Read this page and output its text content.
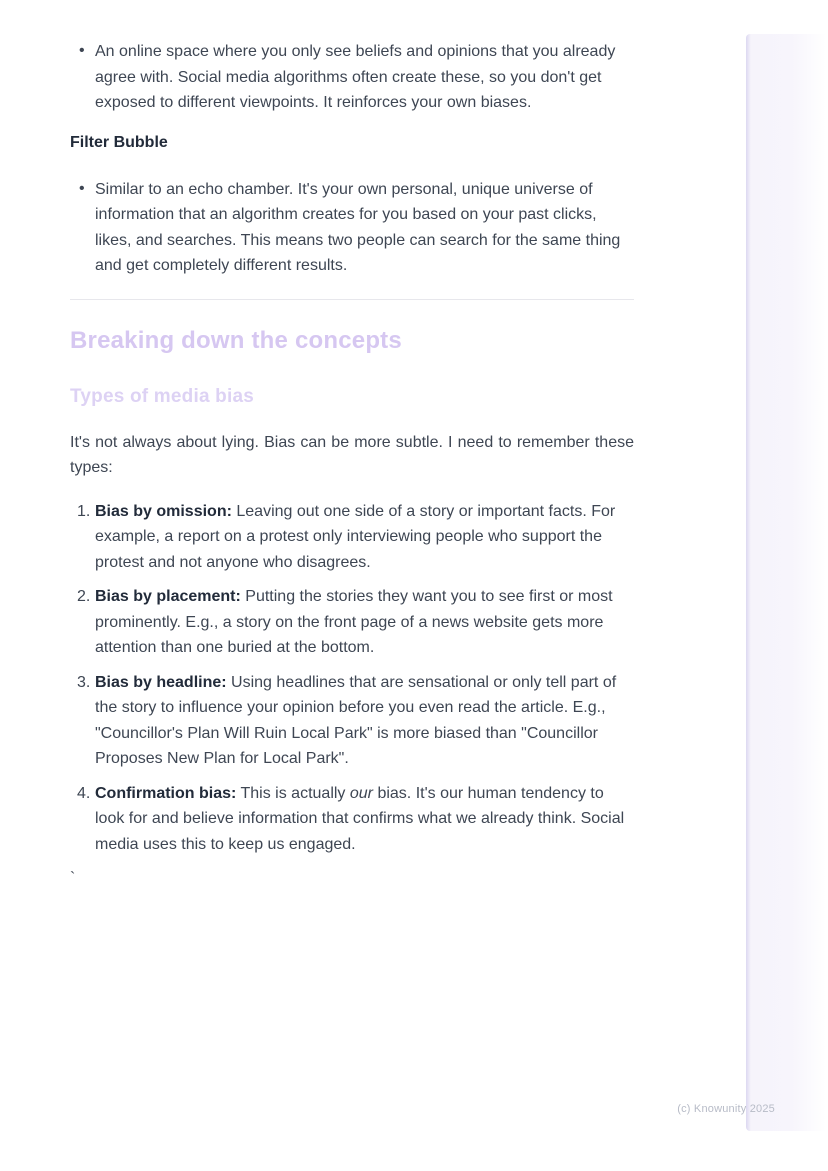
• An online space where you only see beliefs and opinions that you already agree with. Social media algorithms often create these, so you don't get exposed to different viewpoints. It reinforces your own biases.
Filter Bubble
• Similar to an echo chamber. It's your own personal, unique universe of information that an algorithm creates for you based on your past clicks, likes, and searches. This means two people can search for the same thing and get completely different results.
Breaking down the concepts
Types of media bias

It's not always about lying. Bias can be more subtle. I need to remember these types:

1. Bias by omission: Leaving out one side of a story or important facts. For example, a report on a protest only interviewing people who support the protest and not anyone who disagrees.
2. Bias by placement: Putting the stories they want you to see first or most prominently. E.g., a story on the front page of a news website gets more attention than one buried at the bottom.
3. Bias by headline: Using headlines that are sensational or only tell part of the story to influence your opinion before you even read the article. E.g., "Councillor's Plan Will Ruin Local Park" is more biased than "Councillor Proposes New Plan for Local Park".
4. Confirmation bias: This is actually our bias. It's our human tendency to look for and believe information that confirms what we already think. Social media uses this to keep us engaged.

`

(c) Knowunity 2025
